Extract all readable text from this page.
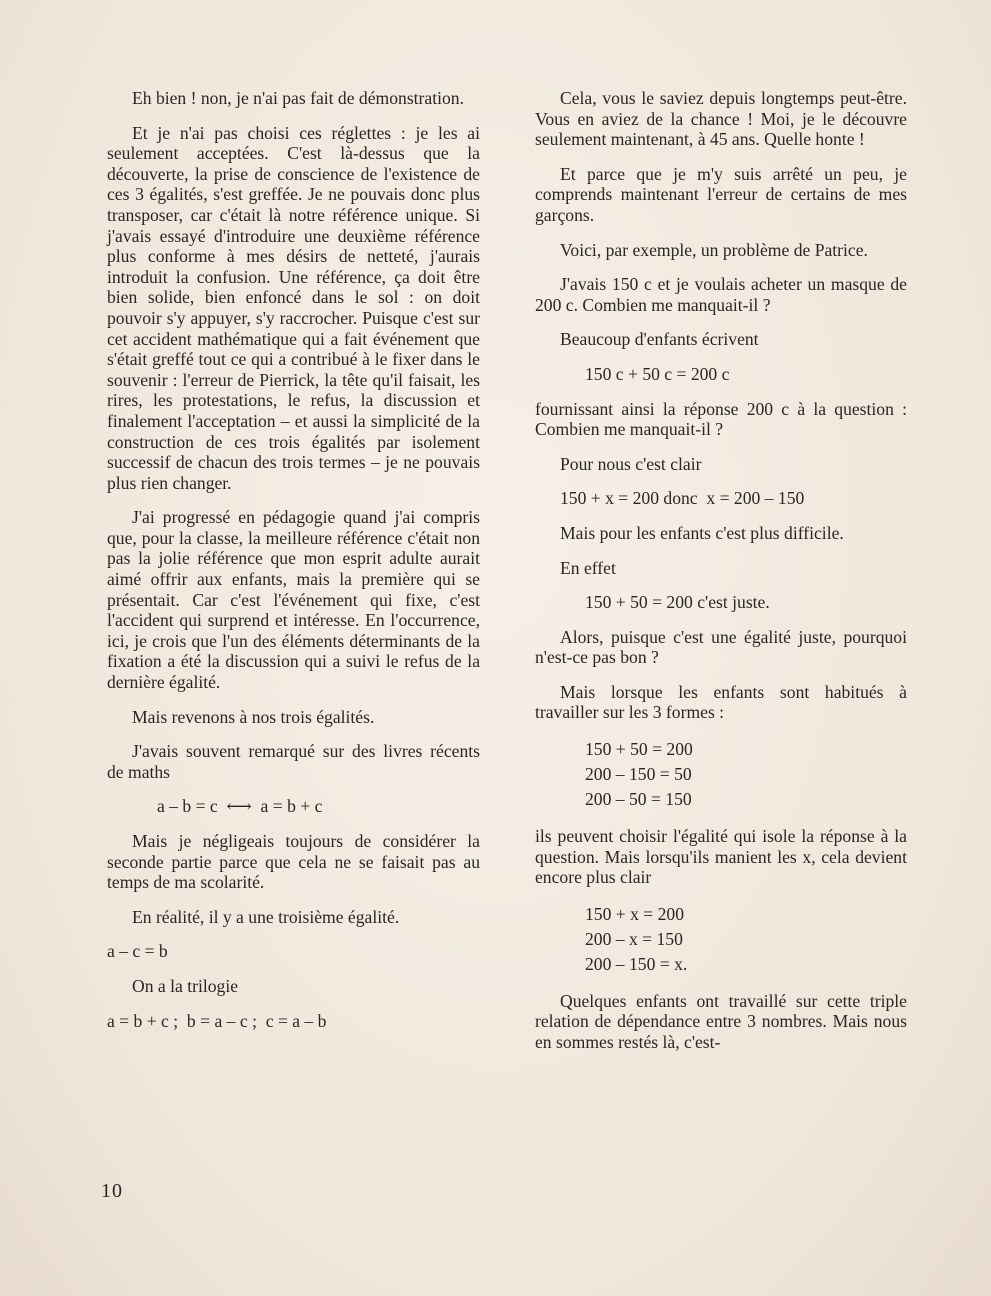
Eh bien ! non, je n'ai pas fait de démonstration.

Et je n'ai pas choisi ces réglettes : je les ai seulement acceptées. C'est là-dessus que la découverte, la prise de conscience de l'existence de ces 3 égalités, s'est greffée. Je ne pouvais donc plus transposer, car c'était là notre référence unique. Si j'avais essayé d'introduire une deuxième référence plus conforme à mes désirs de netteté, j'aurais introduit la confusion. Une référence, ça doit être bien solide, bien enfoncé dans le sol : on doit pouvoir s'y appuyer, s'y raccrocher. Puisque c'est sur cet accident mathématique qui a fait événement que s'était greffé tout ce qui a contribué à le fixer dans le souvenir : l'erreur de Pierrick, la tête qu'il faisait, les rires, les protestations, le refus, la discussion et finalement l'acceptation – et aussi la simplicité de la construction de ces trois égalités par isolement successif de chacun des trois termes – je ne pouvais plus rien changer.

J'ai progressé en pédagogie quand j'ai compris que, pour la classe, la meilleure référence c'était non pas la jolie référence que mon esprit adulte aurait aimé offrir aux enfants, mais la première qui se présentait. Car c'est l'événement qui fixe, c'est l'accident qui surprend et intéresse. En l'occurrence, ici, je crois que l'un des éléments déterminants de la fixation a été la discussion qui a suivi le refus de la dernière égalité.

Mais revenons à nos trois égalités.

J'avais souvent remarqué sur des livres récents de maths

a – b = c  ⟷  a = b + c

Mais je négligeais toujours de considérer la seconde partie parce que cela ne se faisait pas au temps de ma scolarité.

En réalité, il y a une troisième égalité.

a – c = b

On a la trilogie

a = b + c ;  b = a – c ;  c = a – b

Cela, vous le saviez depuis longtemps peut-être. Vous en aviez de la chance ! Moi, je le découvre seulement maintenant, à 45 ans. Quelle honte !

Et parce que je m'y suis arrêté un peu, je comprends maintenant l'erreur de certains de mes garçons.

Voici, par exemple, un problème de Patrice.

J'avais 150 c et je voulais acheter un masque de 200 c. Combien me manquait-il ?

Beaucoup d'enfants écrivent

150 c + 50 c = 200 c

fournissant ainsi la réponse 200 c à la question : Combien me manquait-il ?

Pour nous c'est clair

150 + x = 200 donc  x = 200 – 150

Mais pour les enfants c'est plus difficile.

En effet

150 + 50 = 200 c'est juste.

Alors, puisque c'est une égalité juste, pourquoi n'est-ce pas bon ?

Mais lorsque les enfants sont habitués à travailler sur les 3 formes :

150 + 50 = 200
200 – 150 = 50
200 – 50 = 150

ils peuvent choisir l'égalité qui isole la réponse à la question. Mais lorsqu'ils manient les x, cela devient encore plus clair

150 + x = 200
200 – x = 150
200 – 150 = x.

Quelques enfants ont travaillé sur cette triple relation de dépendance entre 3 nombres. Mais nous en sommes restés là, c'est-

10
